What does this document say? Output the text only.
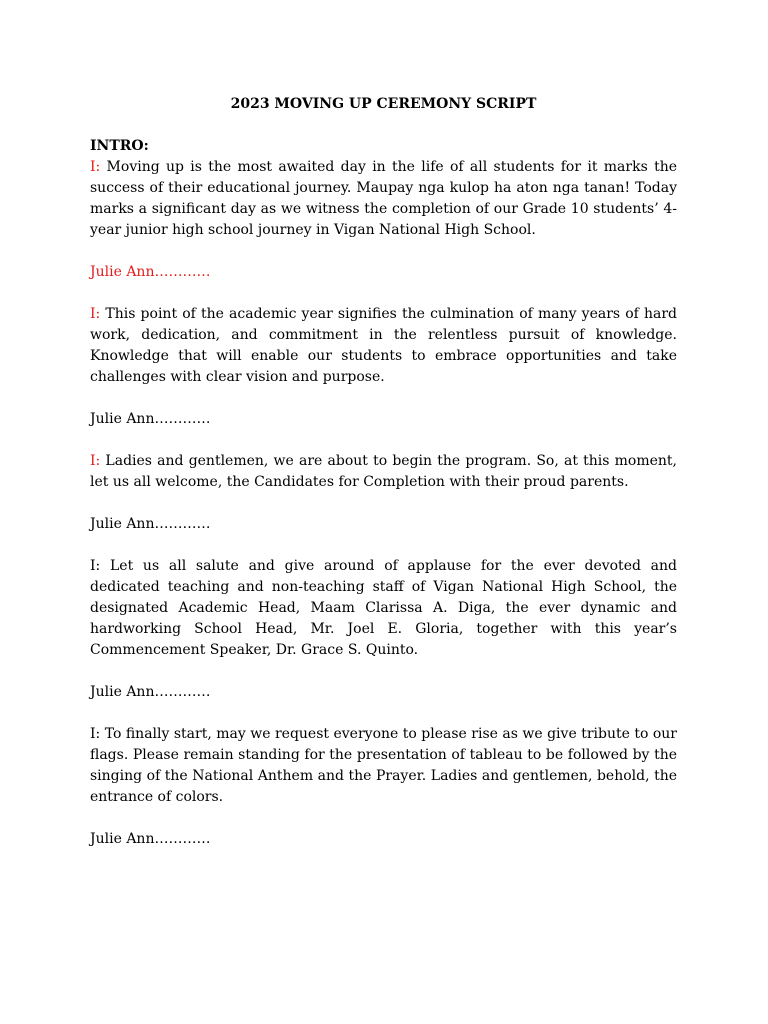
2023 MOVING UP CEREMONY SCRIPT
INTRO:

I: Moving up is the most awaited day in the life of all students for it marks the success of their educational journey. Maupay nga kulop ha aton nga tanan! Today marks a significant day as we witness the completion of our Grade 10 students’ 4-year junior high school journey in Vigan National High School.

Julie Ann…………

I: This point of the academic year signifies the culmination of many years of hard work, dedication, and commitment in the relentless pursuit of knowledge. Knowledge that will enable our students to embrace opportunities and take challenges with clear vision and purpose.

Julie Ann…………

I: Ladies and gentlemen, we are about to begin the program. So, at this moment, let us all welcome, the Candidates for Completion with their proud parents.

Julie Ann…………

I: Let us all salute and give around of applause for the ever devoted and dedicated teaching and non-teaching staff of Vigan National High School, the designated Academic Head, Maam Clarissa A. Diga, the ever dynamic and hardworking School Head, Mr. Joel E. Gloria, together with this year’s Commencement Speaker, Dr. Grace S. Quinto.

Julie Ann…………

I: To finally start, may we request everyone to please rise as we give tribute to our flags. Please remain standing for the presentation of tableau to be followed by the singing of the National Anthem and the Prayer. Ladies and gentlemen, behold, the entrance of colors.

Julie Ann…………
